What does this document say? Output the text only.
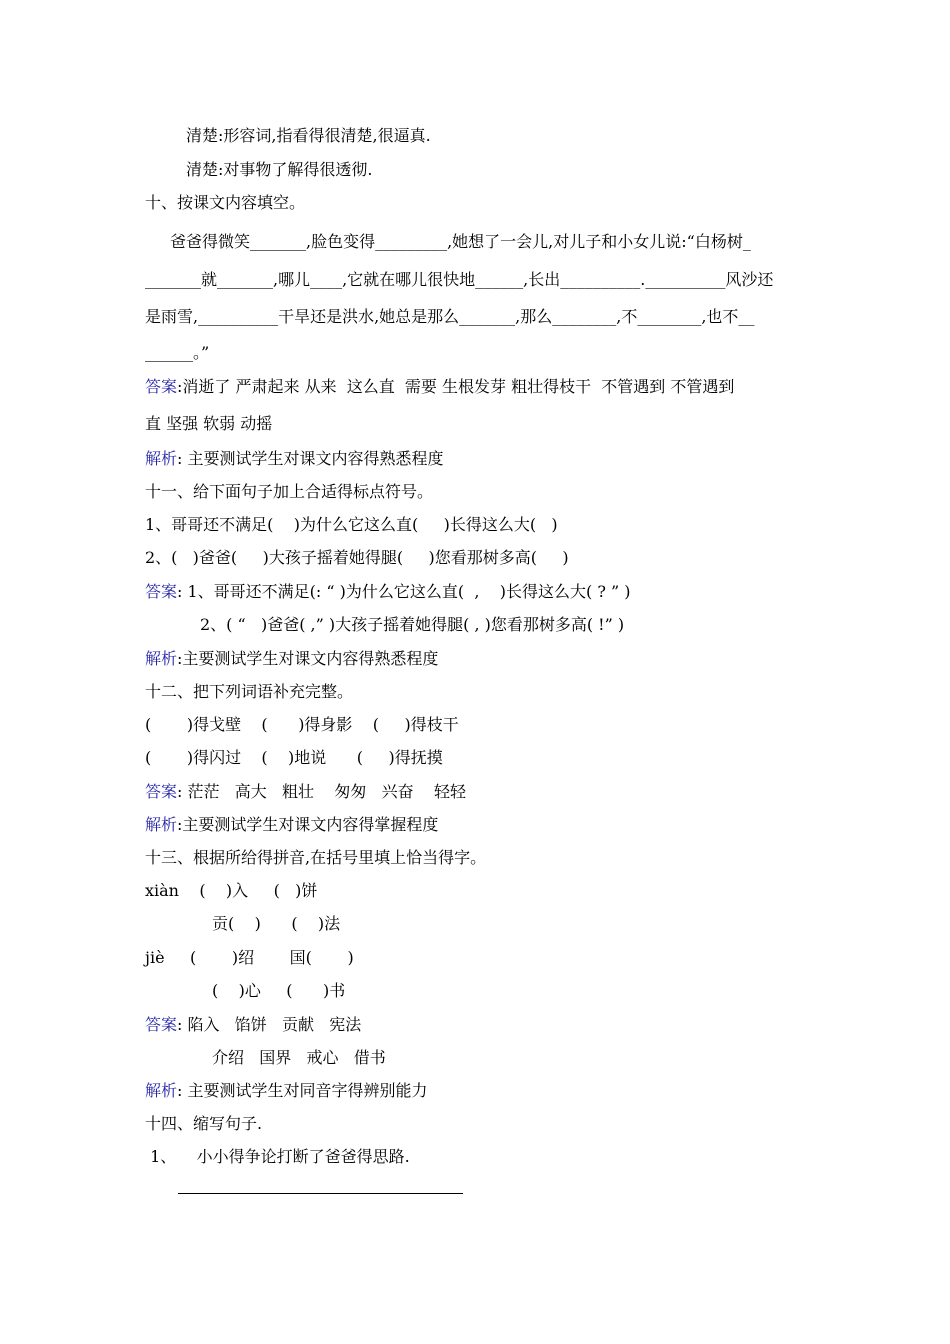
清楚:形容词,指看得很清楚,很逼真.
清楚:对事物了解得很透彻.
十、按课文内容填空。
爸爸得微笑_______,脸色变得_________,她想了一会儿,对儿子和小女儿说:“白杨树_
_______就_______,哪儿____,它就在哪儿很快地______,长出__________.__________风沙还
是雨雪,__________干旱还是洪水,她总是那么_______,那么________,不________,也不__
______。”
答案:消逝了 严肃起来 从来  这么直  需要 生根发芽 粗壮得枝干  不管遇到 不管遇到
直 坚强 软弱 动摇
解析: 主要测试学生对课文内容得熟悉程度
十一、给下面句子加上合适得标点符号。
1、哥哥还不满足(    )为什么它这么直(     )长得这么大(   )
2、(   )爸爸(     )大孩子摇着她得腿(     )您看那树多高(     )
答案: 1、哥哥还不满足(: “ )为什么它这么直(  ,    )长得这么大( ? ” )
2、( “   )爸爸( ,” )大孩子摇着她得腿( , )您看那树多高( !” )
解析:主要测试学生对课文内容得熟悉程度
十二、把下列词语补充完整。
(       )得戈壁    (      )得身影    (     )得枝干
(       )得闪过    (    )地说      (     )得抚摸
答案: 茫茫   高大   粗壮    匆匆   兴奋    轻轻
解析:主要测试学生对课文内容得掌握程度
十三、根据所给得拼音,在括号里填上恰当得字。
xiàn    (    )入     (   )饼
贡(    )      (    )法
jiè     (       )绍       国(       )
(    )心     (      )书
答案: 陷入   馅饼   贡献   宪法
介绍   国界   戒心   借书
解析: 主要测试学生对同音字得辨别能力
十四、缩写句子.
1、    小小得争论打断了爸爸得思路.
